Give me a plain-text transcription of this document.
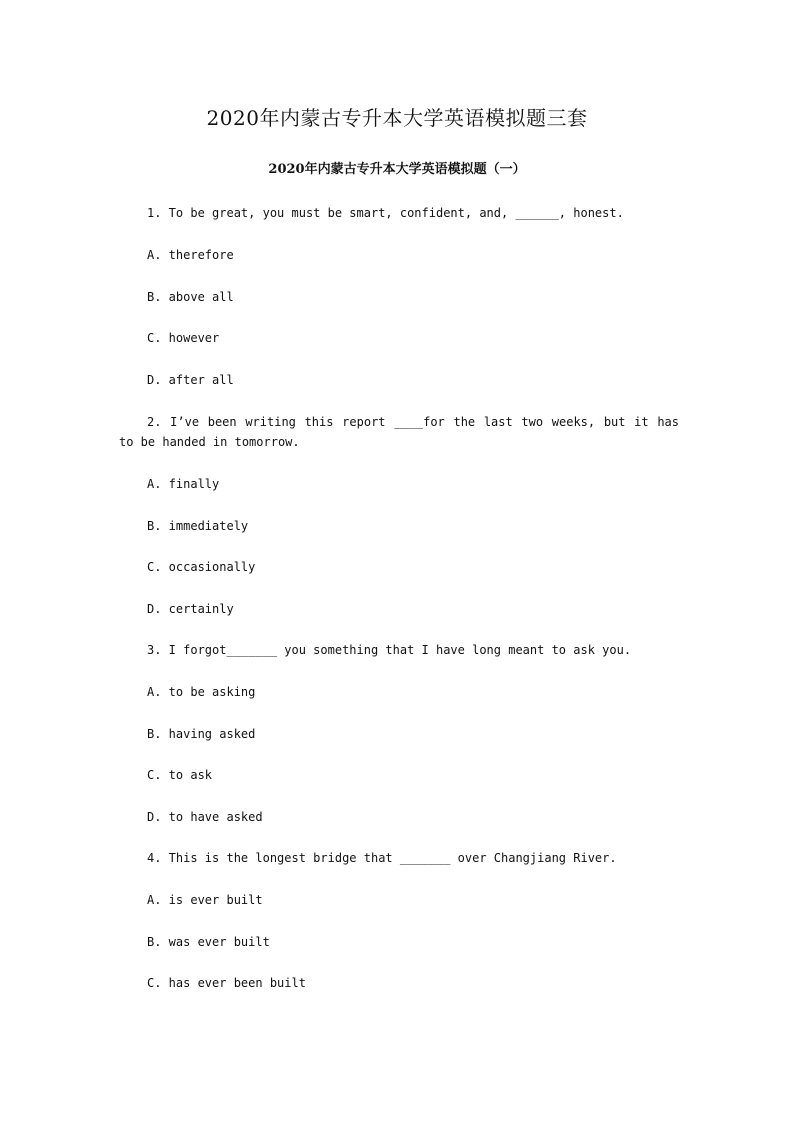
2020年内蒙古专升本大学英语模拟题三套
2020年内蒙古专升本大学英语模拟题（一）
1. To be great, you must be smart, confident, and, ______, honest.
A. therefore
B. above all
C. however
D. after all
2. I’ve been writing this report ____for the last two weeks, but it has to be handed in tomorrow.
A. finally
B. immediately
C. occasionally
D. certainly
3. I forgot_______ you something that I have long meant to ask you.
A. to be asking
B. having asked
C. to ask
D. to have asked
4. This is the longest bridge that _______ over Changjiang River.
A. is ever built
B. was ever built
C. has ever been built
